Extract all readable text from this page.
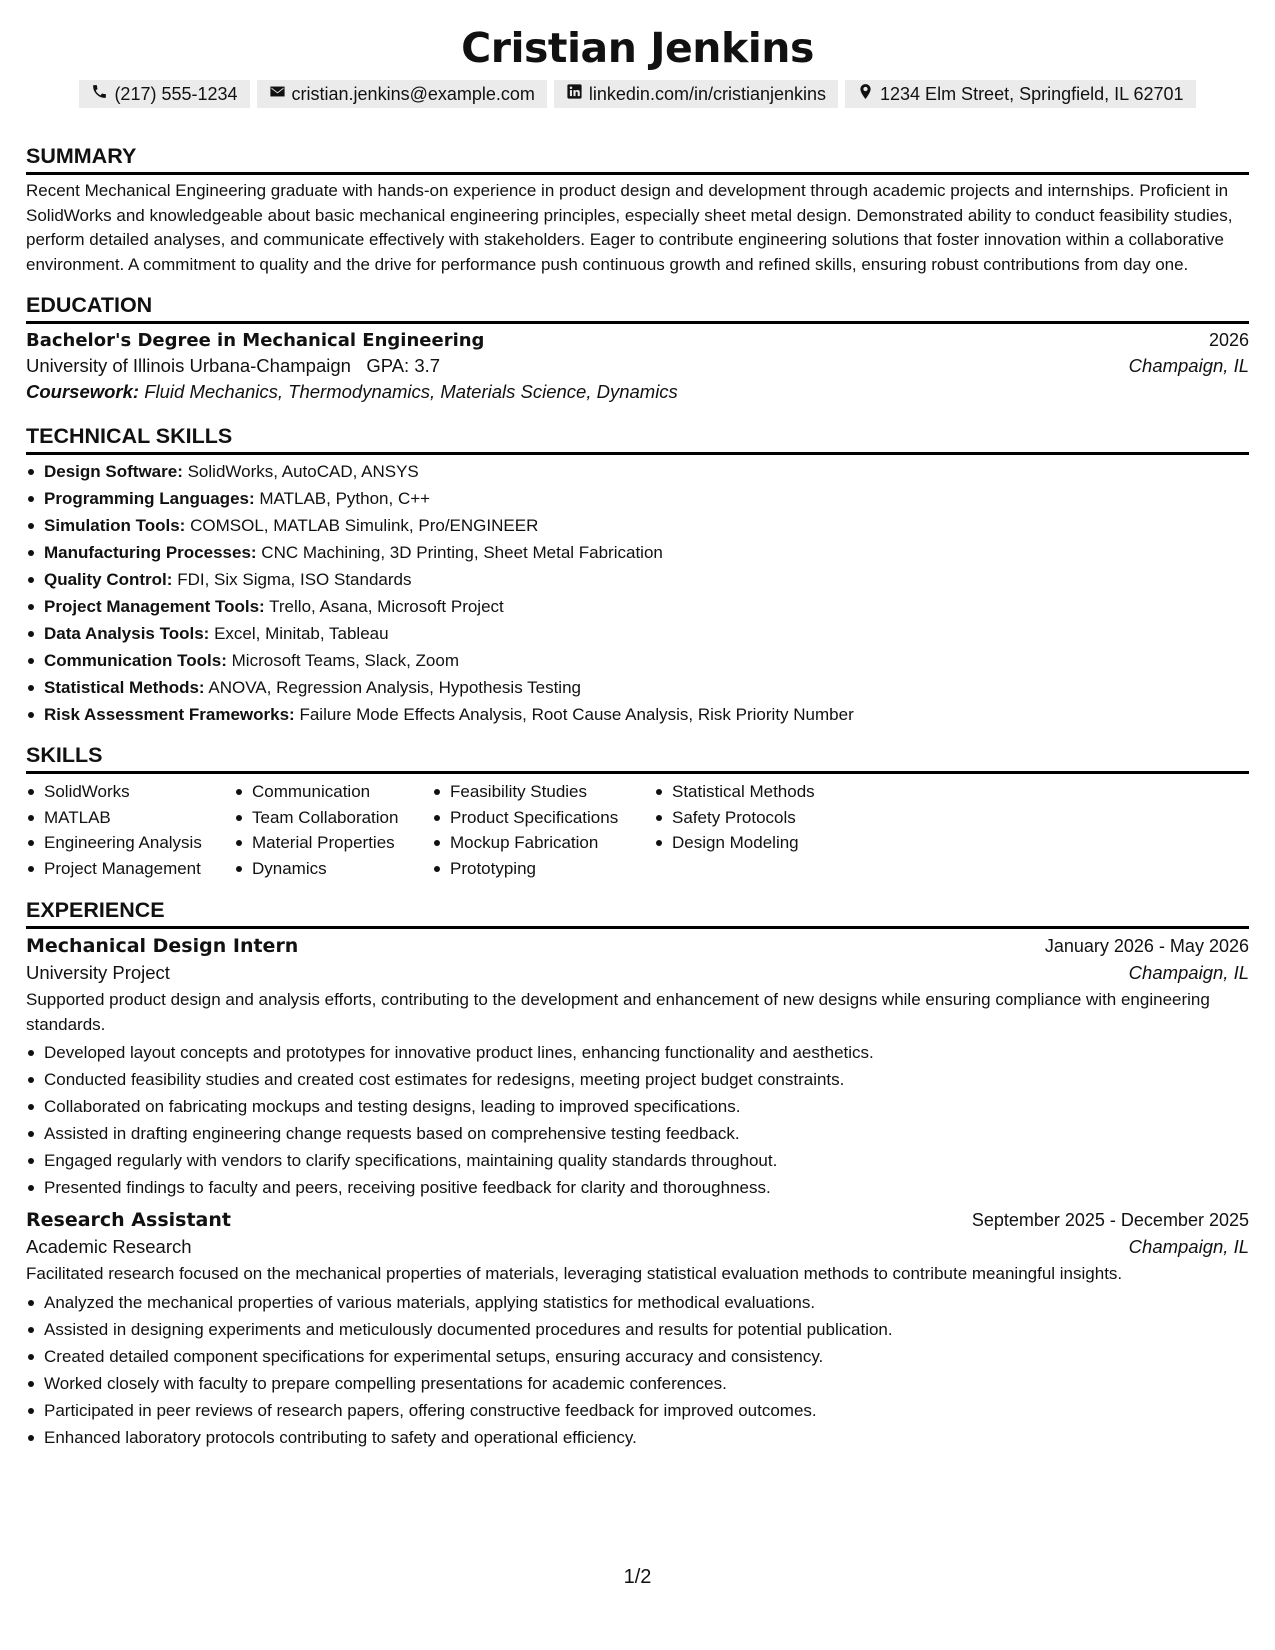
Cristian Jenkins
(217) 555-1234	cristian.jenkins@example.com	linkedin.com/in/cristianjenkins	1234 Elm Street, Springfield, IL 62701
SUMMARY

Recent Mechanical Engineering graduate with hands-on experience in product design and development through academic projects and internships. Proficient in SolidWorks and knowledgeable about basic mechanical engineering principles, especially sheet metal design. Demonstrated ability to conduct feasibility studies, perform detailed analyses, and communicate effectively with stakeholders. Eager to contribute engineering solutions that foster innovation within a collaborative environment. A commitment to quality and the drive for performance push continuous growth and refined skills, ensuring robust contributions from day one.

EDUCATION
Bachelor's Degree in Mechanical Engineering	2026
University of Illinois Urbana-Champaign GPA: 3.7	Champaign, IL
Coursework: Fluid Mechanics, Thermodynamics, Materials Science, Dynamics
TECHNICAL SKILLS
Design Software: SolidWorks, AutoCAD, ANSYS
Programming Languages: MATLAB, Python, C++
Simulation Tools: COMSOL, MATLAB Simulink, Pro/ENGINEER
Manufacturing Processes: CNC Machining, 3D Printing, Sheet Metal Fabrication
Quality Control: FDI, Six Sigma, ISO Standards
Project Management Tools: Trello, Asana, Microsoft Project
Data Analysis Tools: Excel, Minitab, Tableau
Communication Tools: Microsoft Teams, Slack, Zoom
Statistical Methods: ANOVA, Regression Analysis, Hypothesis Testing
Risk Assessment Frameworks: Failure Mode Effects Analysis, Root Cause Analysis, Risk Priority Number
SKILLS
SolidWorks
MATLAB
Engineering Analysis
Project Management
Communication
Team Collaboration
Material Properties
Dynamics
Feasibility Studies
Product Specifications
Mockup Fabrication
Prototyping
Statistical Methods
Safety Protocols
Design Modeling
EXPERIENCE
Mechanical Design Intern	January 2026 - May 2026
University Project	Champaign, IL

Supported product design and analysis efforts, contributing to the development and enhancement of new designs while ensuring compliance with engineering standards.

Developed layout concepts and prototypes for innovative product lines, enhancing functionality and aesthetics.
Conducted feasibility studies and created cost estimates for redesigns, meeting project budget constraints.
Collaborated on fabricating mockups and testing designs, leading to improved specifications.
Assisted in drafting engineering change requests based on comprehensive testing feedback.
Engaged regularly with vendors to clarify specifications, maintaining quality standards throughout.
Presented findings to faculty and peers, receiving positive feedback for clarity and thoroughness.
Research Assistant	September 2025 - December 2025
Academic Research	Champaign, IL

Facilitated research focused on the mechanical properties of materials, leveraging statistical evaluation methods to contribute meaningful insights.

Analyzed the mechanical properties of various materials, applying statistics for methodical evaluations.
Assisted in designing experiments and meticulously documented procedures and results for potential publication.
Created detailed component specifications for experimental setups, ensuring accuracy and consistency.
Worked closely with faculty to prepare compelling presentations for academic conferences.
Participated in peer reviews of research papers, offering constructive feedback for improved outcomes.
Enhanced laboratory protocols contributing to safety and operational efficiency.
1/2
